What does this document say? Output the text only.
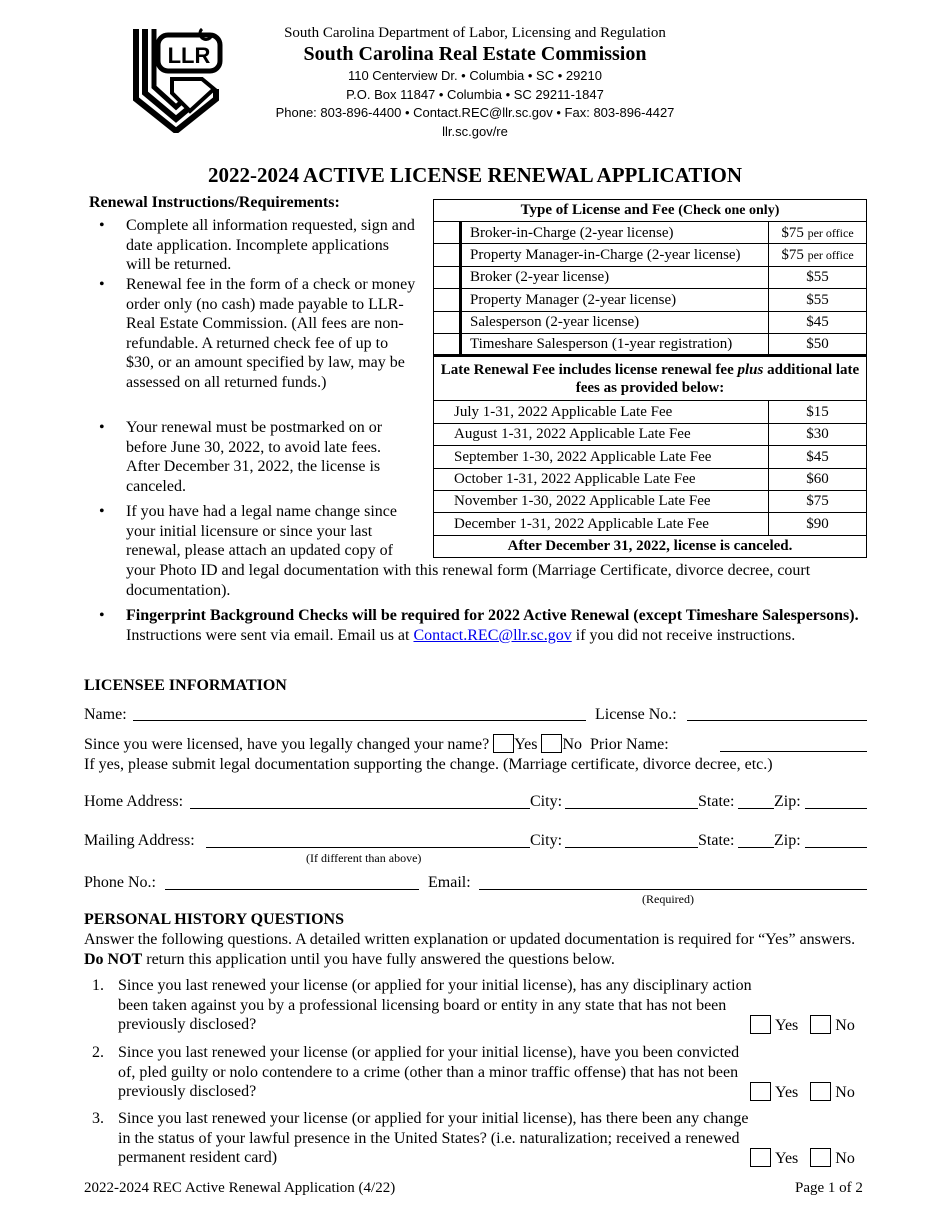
LLR
South Carolina Department of Labor, Licensing and Regulation
South Carolina Real Estate Commission
110 Centerview Dr. • Columbia • SC • 29210
P.O. Box 11847 • Columbia • SC 29211-1847
Phone: 803-896-4400 • Contact.REC@llr.sc.gov • Fax: 803-896-4427
llr.sc.gov/re
2022-2024 ACTIVE LICENSE RENEWAL APPLICATION
Renewal Instructions/Requirements:
• Complete all information requested, sign and date application. Incomplete applications will be returned.
• Renewal fee in the form of a check or money order only (no cash) made payable to LLR-Real Estate Commission. (All fees are non-refundable. A returned check fee of up to $30, or an amount specified by law, may be assessed on all returned funds.)
• Your renewal must be postmarked on or before June 30, 2022, to avoid late fees. After December 31, 2022, the license is canceled.
• If you have had a legal name change since your initial licensure or since your last renewal, please attach an updated copy of
your Photo ID and legal documentation with this renewal form (Marriage Certificate, divorce decree, court documentation).
• Fingerprint Background Checks will be required for 2022 Active Renewal (except Timeshare Salespersons). Instructions were sent via email. Email us at Contact.REC@llr.sc.gov if you did not receive instructions.
Type of License and Fee (Check one only)		
	Broker-in-Charge (2-year license)	$75 per office
	Property Manager-in-Charge (2-year license)	$75 per office
	Broker (2-year license)	$55
	Property Manager (2-year license)	$55
	Salesperson (2-year license)	$45
	Timeshare Salesperson (1-year registration)	$50
Late Renewal Fee includes license renewal fee plus additional late fees as provided below:		
July 1-31, 2022 Applicable Late Fee		$15
August 1-31, 2022 Applicable Late Fee		$30
September 1-30, 2022 Applicable Late Fee		$45
October 1-31, 2022 Applicable Late Fee		$60
November 1-30, 2022 Applicable Late Fee		$75
December 1-31, 2022 Applicable Late Fee		$90
After December 31, 2022, license is canceled.		
LICENSEE INFORMATION
Name:	License No.:
Since you were licensed, have you legally changed your name? Yes No Prior Name:
If yes, please submit legal documentation supporting the change. (Marriage certificate, divorce decree, etc.)
Home Address:	City:	State: Zip:
Mailing Address:	City:	State: Zip:
(If different than above)
Phone No.:	Email:
(Required)
PERSONAL HISTORY QUESTIONS
Answer the following questions. A detailed written explanation or updated documentation is required for “Yes” answers. Do NOT return this application until you have fully answered the questions below.
1. Since you last renewed your license (or applied for your initial license), has any disciplinary action been taken against you by a professional licensing board or entity in any state that has not been previously disclosed?	Yes No
2. Since you last renewed your license (or applied for your initial license), have you been convicted of, pled guilty or nolo contendere to a crime (other than a minor traffic offense) that has not been previously disclosed?	Yes No
3. Since you last renewed your license (or applied for your initial license), has there been any change in the status of your lawful presence in the United States? (i.e. naturalization; received a renewed permanent resident card)	Yes No
2022-2024 REC Active Renewal Application (4/22)	Page 1 of 2
